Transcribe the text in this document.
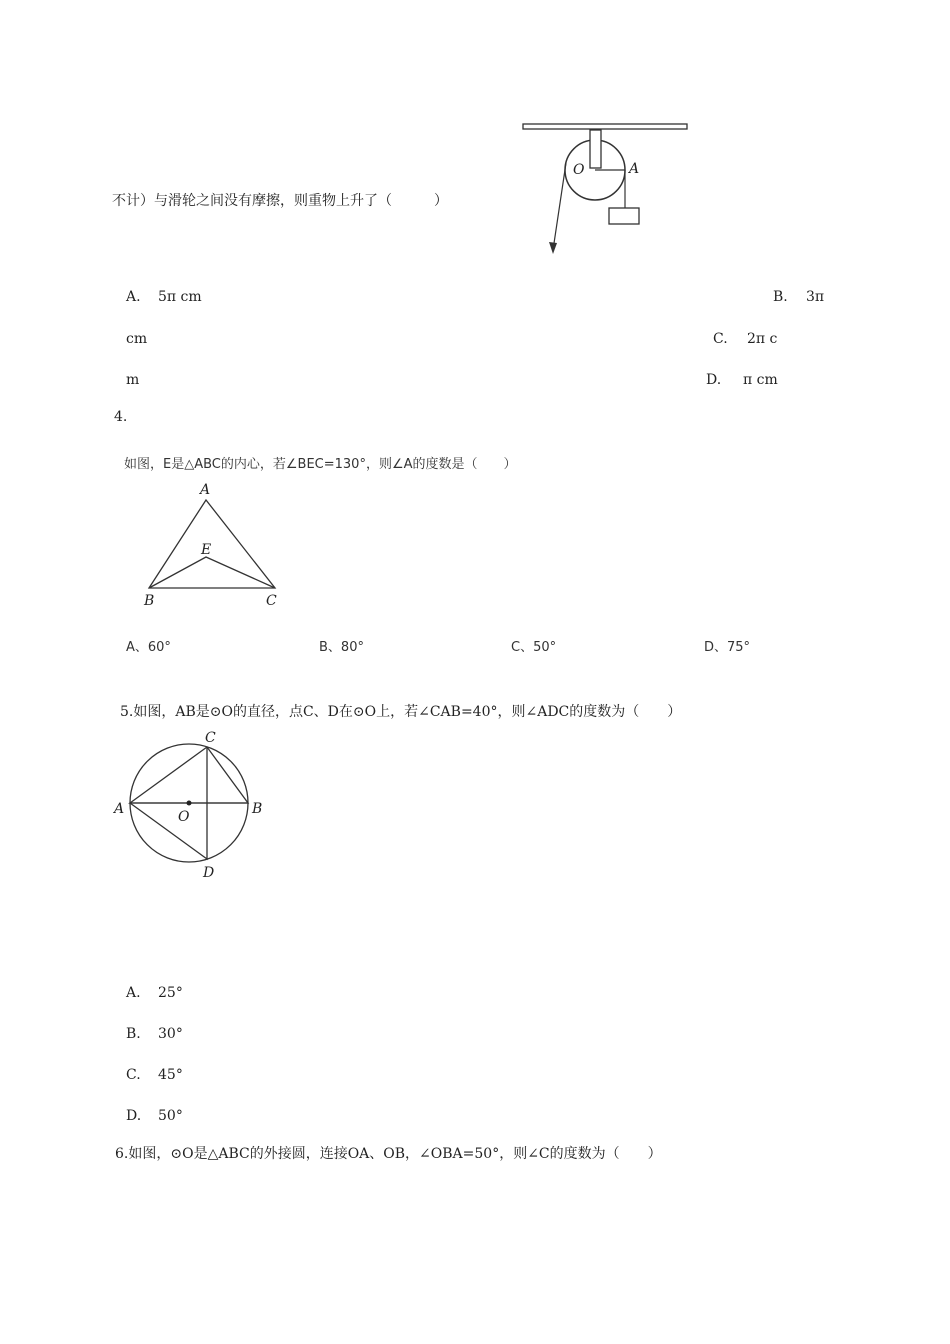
不计）与滑轮之间没有摩擦，则重物上升了（　　　）
O	A
A. 5π cm	B. 3π
cm	C. 2π c
m	D. π cm
4.
如图，E是△ABC的内心，若∠BEC=130°，则∠A的度数是（　　）
A
B	C
E
A、60°	B、80°	C、50°	D、75°
5.如图，AB是⊙O的直径，点C、D在⊙O上，若∠CAB=40°，则∠ADC的度数为（　　）
C
A	B
O
D
A. 25°
B. 30°
C. 45°
D. 50°
6.如图，⊙O是△ABC的外接圆，连接OA、OB，∠OBA=50°，则∠C的度数为（　　）
